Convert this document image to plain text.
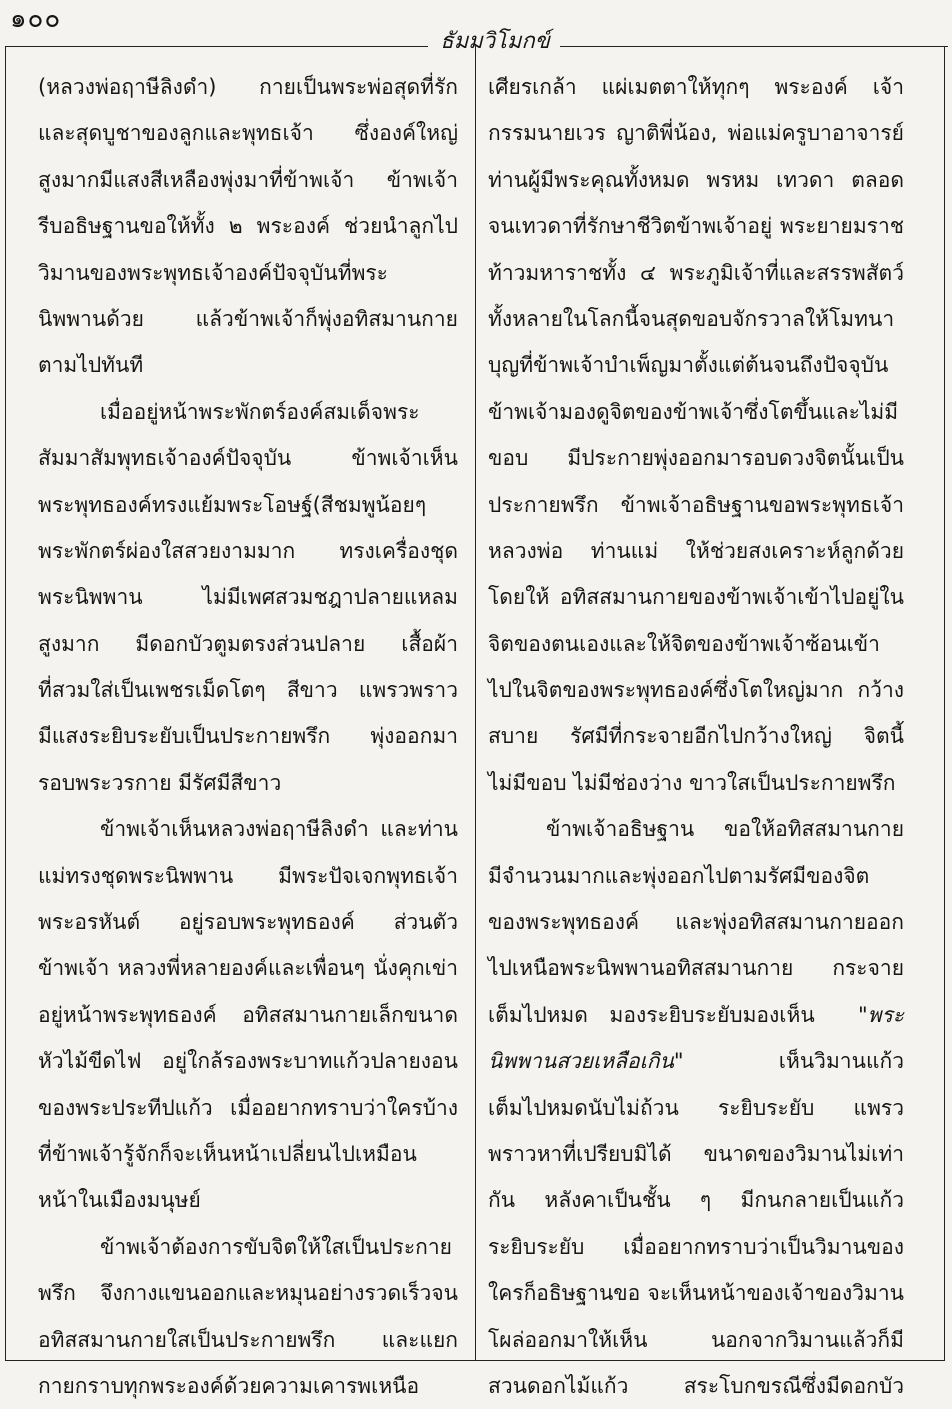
๑๐๐
ธัมมวิโมกข์
(หลวงพ่อฤาษีลิงดำ) กายเป็นพระพ่อสุดที่รัก
และสุดบูชาของลูกและพุทธเจ้า ซึ่งองค์ใหญ่
สูงมากมีแสงสีเหลืองพุ่งมาที่ข้าพเจ้า ข้าพเจ้า
รีบอธิษฐานขอให้ทั้ง ๒ พระองค์ ช่วยนำลูกไป
วิมานของพระพุทธเจ้าองค์ปัจจุบันที่พระ
นิพพานด้วย แล้วข้าพเจ้าก็พุ่งอทิสมานกาย
ตามไปทันที
เมื่ออยู่หน้าพระพักตร์องค์สมเด็จพระ
สัมมาสัมพุทธเจ้าองค์ปัจจุบัน ข้าพเจ้าเห็น
พระพุทธองค์ทรงแย้มพระโอษฐ์(สีชมพูน้อยๆ
พระพักตร์ผ่องใสสวยงามมาก ทรงเครื่องชุด
พระนิพพาน ไม่มีเพศสวมชฎาปลายแหลม
สูงมาก มีดอกบัวตูมตรงส่วนปลาย เสื้อผ้า
ที่สวมใส่เป็นเพชรเม็ดโตๆ สีขาว แพรวพราว
มีแสงระยิบระยับเป็นประกายพรึก พุ่งออกมา
รอบพระวรกาย มีรัศมีสีขาว
ข้าพเจ้าเห็นหลวงพ่อฤาษีลิงดำ และท่าน
แม่ทรงชุดพระนิพพาน มีพระปัจเจกพุทธเจ้า
พระอรหันต์ อยู่รอบพระพุทธองค์ ส่วนตัว
ข้าพเจ้า หลวงพี่หลายองค์และเพื่อนๆ นั่งคุกเข่า
อยู่หน้าพระพุทธองค์ อทิสสมานกายเล็กขนาด
หัวไม้ขีดไฟ อยู่ใกล้รองพระบาทแก้วปลายงอน
ของพระประทีปแก้ว เมื่ออยากทราบว่าใครบ้าง
ที่ข้าพเจ้ารู้จักก็จะเห็นหน้าเปลี่ยนไปเหมือน
หน้าในเมืองมนุษย์
ข้าพเจ้าต้องการขับจิตให้ใสเป็นประกาย
พรึก จึงกางแขนออกและหมุนอย่างรวดเร็วจน
อทิสสมานกายใสเป็นประกายพรึก และแยก
กายกราบทุกพระองค์ด้วยความเคารพเหนือ
เศียรเกล้า แผ่เมตตาให้ทุกๆ พระองค์ เจ้า
กรรมนายเวร ญาติพี่น้อง, พ่อแม่ครูบาอาจารย์
ท่านผู้มีพระคุณทั้งหมด พรหม เทวดา ตลอด
จนเทวดาที่รักษาชีวิตข้าพเจ้าอยู่ พระยายมราช
ท้าวมหาราชทั้ง ๔ พระภูมิเจ้าที่และสรรพสัตว์
ทั้งหลายในโลกนี้จนสุดขอบจักรวาลให้โมทนา
บุญที่ข้าพเจ้าบำเพ็ญมาตั้งแต่ต้นจนถึงปัจจุบัน
ข้าพเจ้ามองดูจิตของข้าพเจ้าซึ่งโตขึ้นและไม่มี
ขอบ มีประกายพุ่งออกมารอบดวงจิตนั้นเป็น
ประกายพรึก ข้าพเจ้าอธิษฐานขอพระพุทธเจ้า
หลวงพ่อ ท่านแม่ ให้ช่วยสงเคราะห์ลูกด้วย
โดยให้ อทิสสมานกายของข้าพเจ้าเข้าไปอยู่ใน
จิตของตนเองและให้จิตของข้าพเจ้าซ้อนเข้า
ไปในจิตของพระพุทธองค์ซึ่งโตใหญ่มาก กว้าง
สบาย รัศมีที่กระจายอีกไปกว้างใหญ่ จิตนี้
ไม่มีขอบ ไม่มีช่องว่าง ขาวใสเป็นประกายพรึก
ข้าพเจ้าอธิษฐาน ขอให้อทิสสมานกาย
มีจำนวนมากและพุ่งออกไปตามรัศมีของจิต
ของพระพุทธองค์ และพุ่งอทิสสมานกายออก
ไปเหนือพระนิพพานอทิสสมานกาย กระจาย
เต็มไปหมด มองระยิบระยับมองเห็น "พระ
นิพพานสวยเหลือเกิน"	เห็นวิมานแก้ว
เต็มไปหมดนับไม่ถ้วน ระยิบระยับ แพรว
พราวหาที่เปรียบมิได้ ขนาดของวิมานไม่เท่า
กัน หลังคาเป็นชั้น ๆ มีกนกลายเป็นแก้ว
ระยิบระยับ เมื่ออยากทราบว่าเป็นวิมานของ
ใครก็อธิษฐานขอ จะเห็นหน้าของเจ้าของวิมาน
โผล่ออกมาให้เห็น นอกจากวิมานแล้วก็มี
สวนดอกไม้แก้ว สระโบกขรณีซึ่งมีดอกบัว
